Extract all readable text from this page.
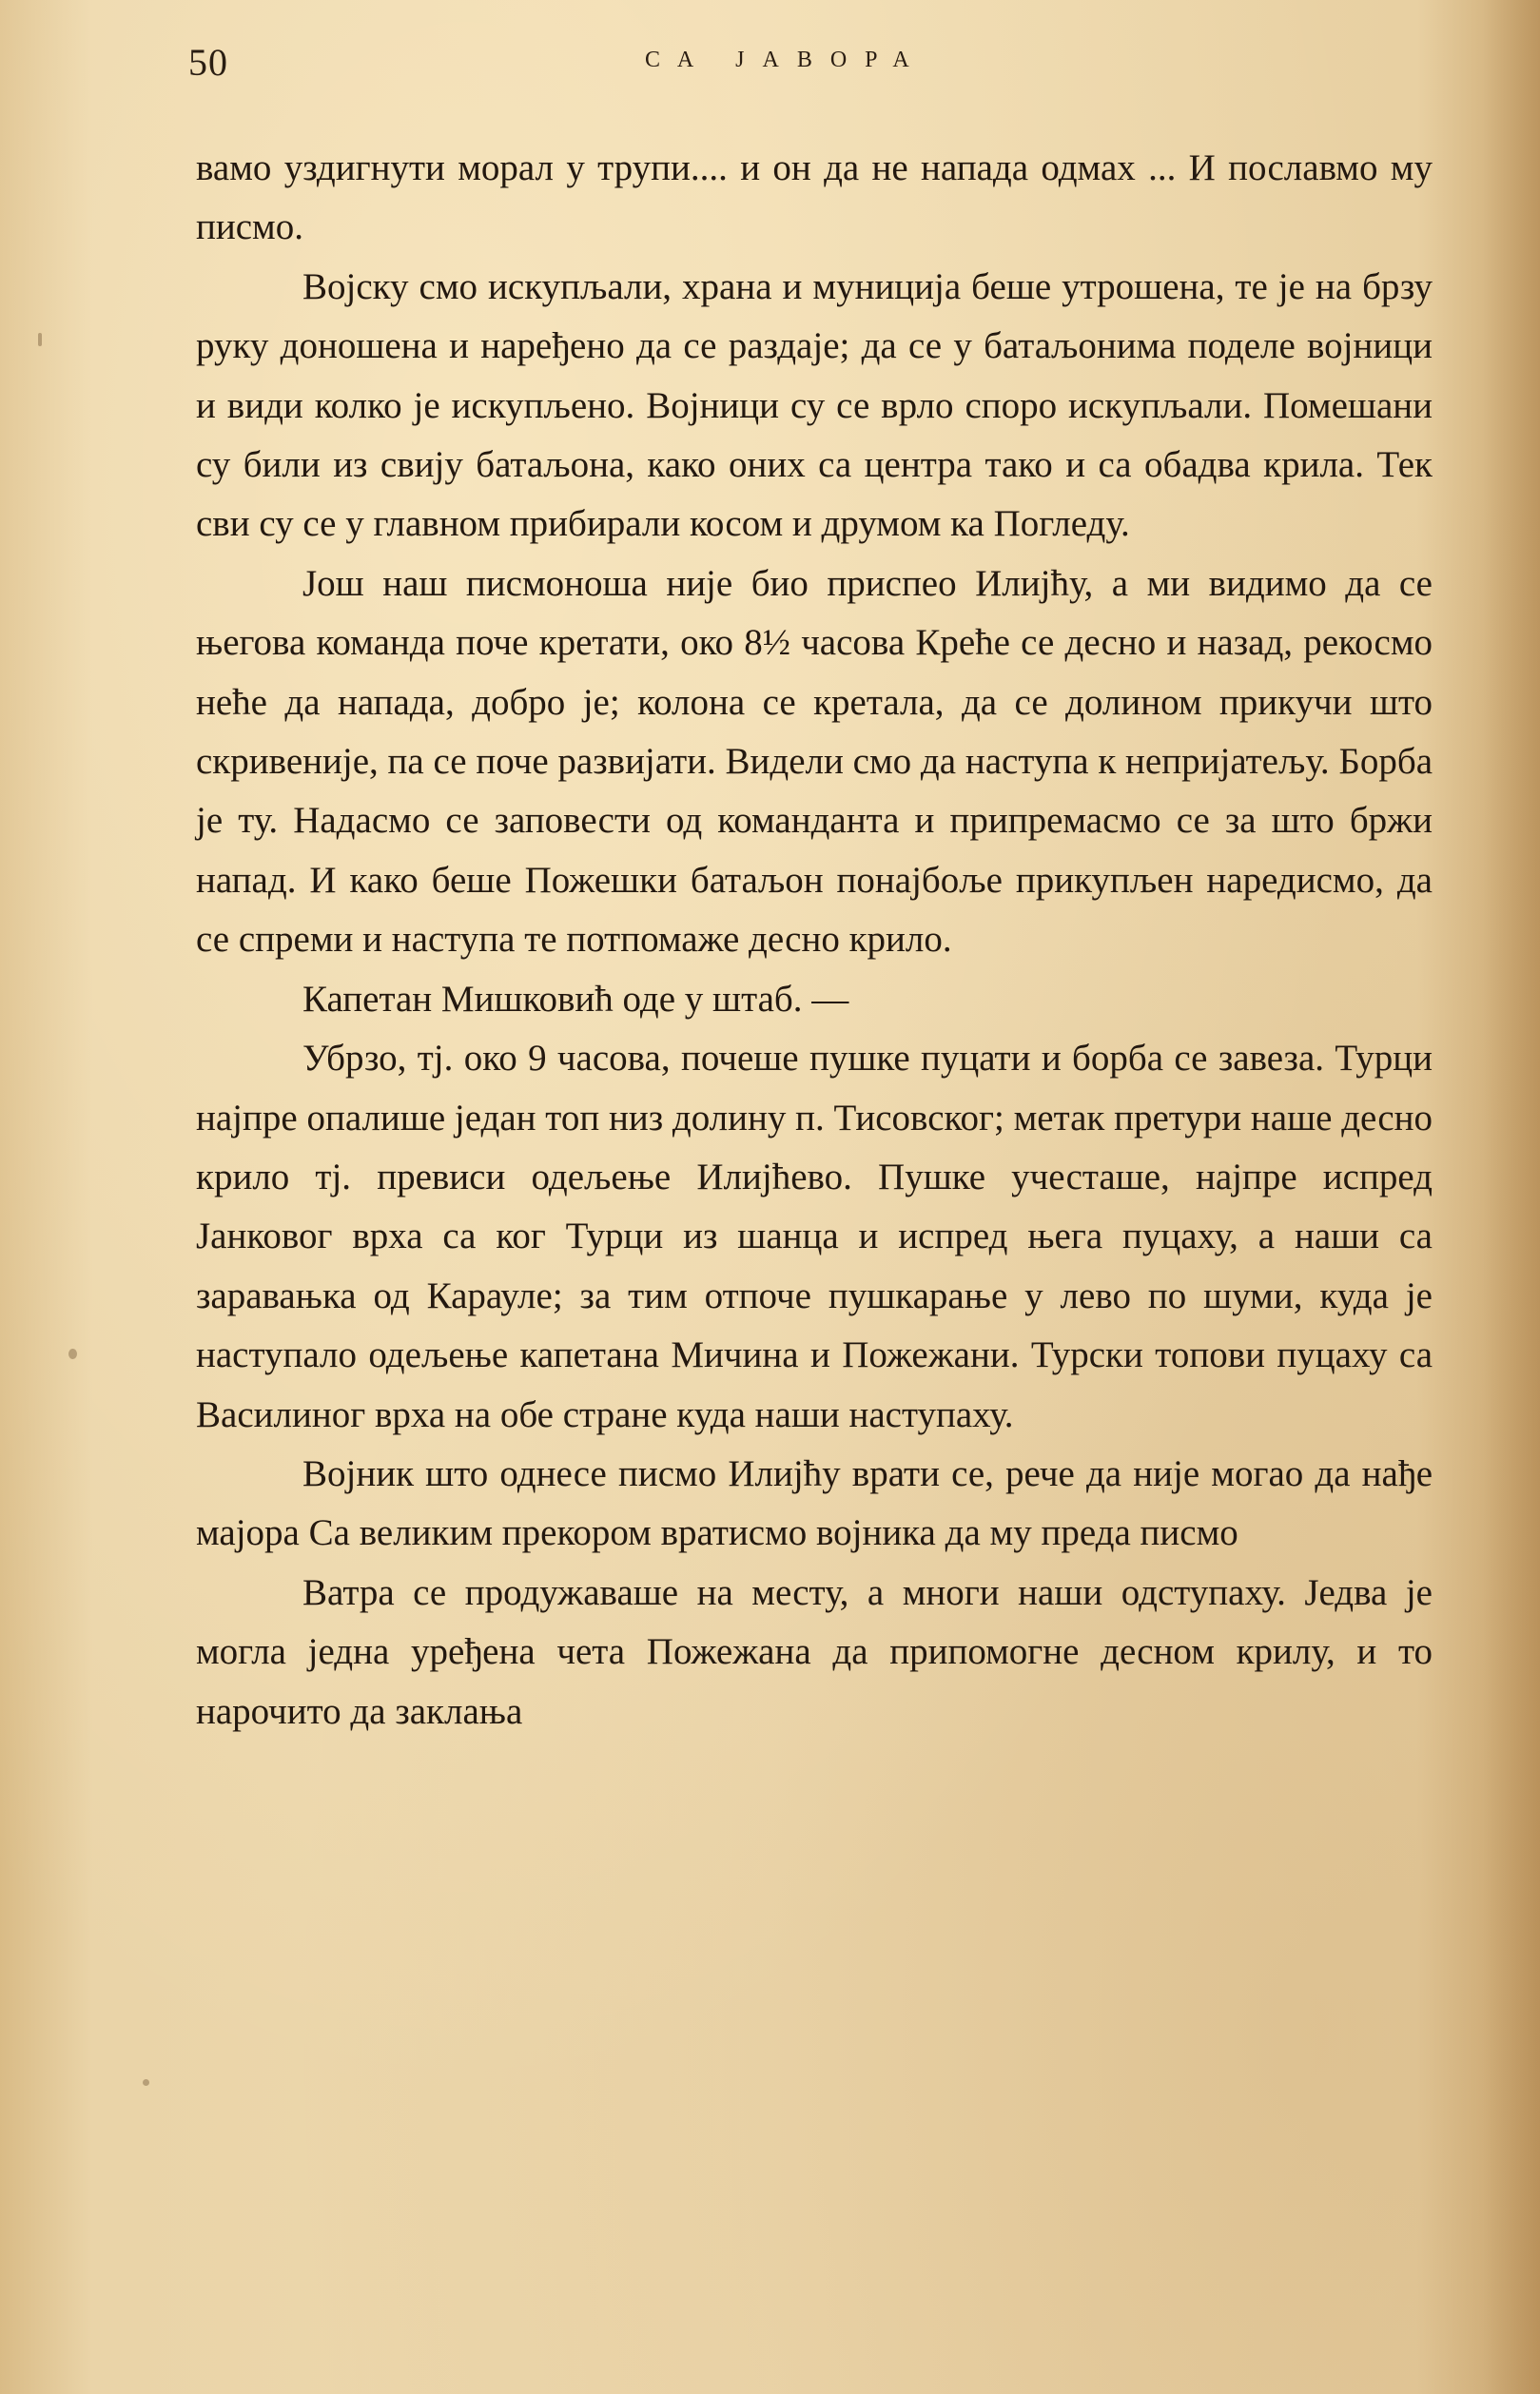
50	СА ЈАВОРА

вамо уздигнути морал у трупи.... и он да не напада одмах ... И пославмо му писмо.

Војску смо искупљали, храна и муниција беше утрошена, те је на брзу руку доношена и наређено да се раздаје; да се у батаљонима поделе војници и види колко је искупљено. Војници су се врло споро искупљали. Помешани су били из свију батаљона, како оних са центра тако и са обадва крила. Тек сви су се у главном прибирали косом и друмом ка Погледу.

Још наш писмоноша није био приспео Илијћу, а ми видимо да се његова команда поче кретати, око 8½ часова Креће се десно и назад, рекосмо неће да напада, добро је; колона се кретала, да се долином прикучи што скривеније, па се поче развијати. Видели смо да наступа к непријатељу. Борба је ту. Надасмо се заповести од команданта и припремасмо се за што бржи напад. И како беше Пожешки батаљон понајбоље прикупљен наредисмо, да се спреми и наступа те потпомаже десно крило.

Капетан Мишковић оде у штаб. —

Убрзо, тј. око 9 часова, почеше пушке пуцати и борба се завеза. Турци најпре опалише један топ низ долину п. Тисовског; метак претури наше десно крило тј. превиси одељење Илијћево. Пушке учесташе, најпре испред Јанковог врха са ког Турци из шанца и испред њега пуцаху, а наши са заравањка од Карауле; за тим отпоче пушкарање у лево по шуми, куда је наступало одељење капетана Мичина и Пожежани. Турски топови пуцаху са Василиног врха на обе стране куда наши наступаху.

Војник што однесе писмо Илијћу врати се, рече да није могао да нађе мајора Са великим прекором вратисмо војника да му преда писмо

Ватра се продужаваше на месту, а многи наши одступаху. Једва је могла једна уређена чета Пожежана да припомогне десном крилу, и то нарочито да заклања
